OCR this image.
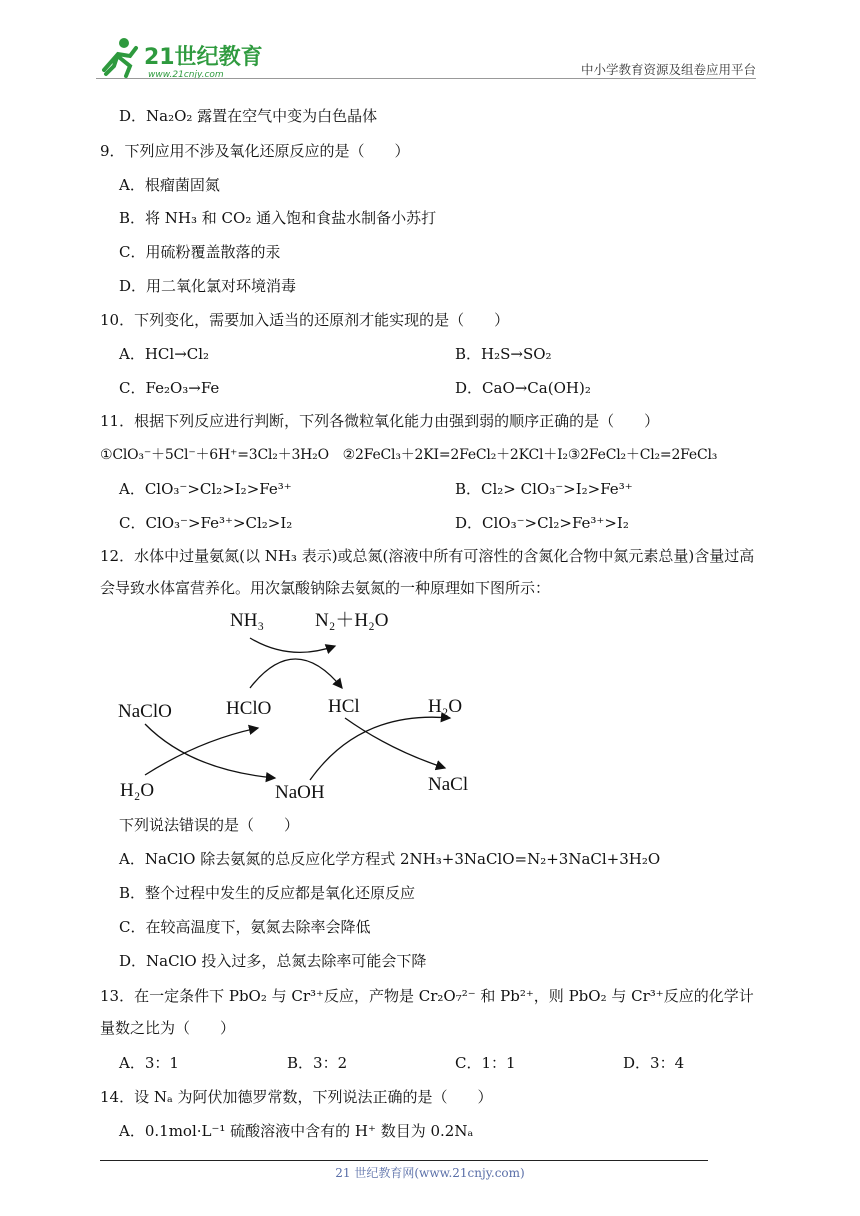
21世纪教育
www.21cnjy.com	中小学教育资源及组卷应用平台
D．Na₂O₂ 露置在空气中变为白色晶体
9．下列应用不涉及氧化还原反应的是（　　）
A．根瘤菌固氮
B．将 NH₃ 和 CO₂ 通入饱和食盐水制备小苏打
C．用硫粉覆盖散落的汞
D．用二氧化氯对环境消毒
10．下列变化，需要加入适当的还原剂才能实现的是（　　）
A．HCl→Cl₂	B．H₂S→SO₂
C．Fe₂O₃→Fe	D．CaO→Ca(OH)₂
11．根据下列反应进行判断，下列各微粒氧化能力由强到弱的顺序正确的是（　　）
①ClO₃⁻＋5Cl⁻＋6H⁺=3Cl₂＋3H₂O　②2FeCl₃＋2KI=2FeCl₂＋2KCl＋I₂③2FeCl₂＋Cl₂=2FeCl₃
A．ClO₃⁻>Cl₂>I₂>Fe³⁺	B．Cl₂> ClO₃⁻>I₂>Fe³⁺
C．ClO₃⁻>Fe³⁺>Cl₂>I₂	D．ClO₃⁻>Cl₂>Fe³⁺>I₂
12．水体中过量氨氮(以 NH₃ 表示)或总氮(溶液中所有可溶性的含氮化合物中氮元素总量)含量过高会导致水体富营养化。用次氯酸钠除去氨氮的一种原理如下图所示：
NH₃	N₂＋H₂O
NaClO	HClO	HCl	H₂O
H₂O	NaOH	NaCl
下列说法错误的是（　　）
A．NaClO 除去氨氮的总反应化学方程式 2NH₃+3NaClO=N₂+3NaCl+3H₂O
B．整个过程中发生的反应都是氧化还原反应
C．在较高温度下，氨氮去除率会降低
D．NaClO 投入过多，总氮去除率可能会下降
13．在一定条件下 PbO₂ 与 Cr³⁺反应，产物是 Cr₂O₇²⁻ 和 Pb²⁺，则 PbO₂ 与 Cr³⁺反应的化学计量数之比为（　　）
A．3：1	B．3：2	C．1：1	D．3：4
14．设 Nₐ 为阿伏加德罗常数，下列说法正确的是（　　）
A．0.1mol·L⁻¹ 硫酸溶液中含有的 H⁺ 数目为 0.2Nₐ
21 世纪教育网(www.21cnjy.com)
